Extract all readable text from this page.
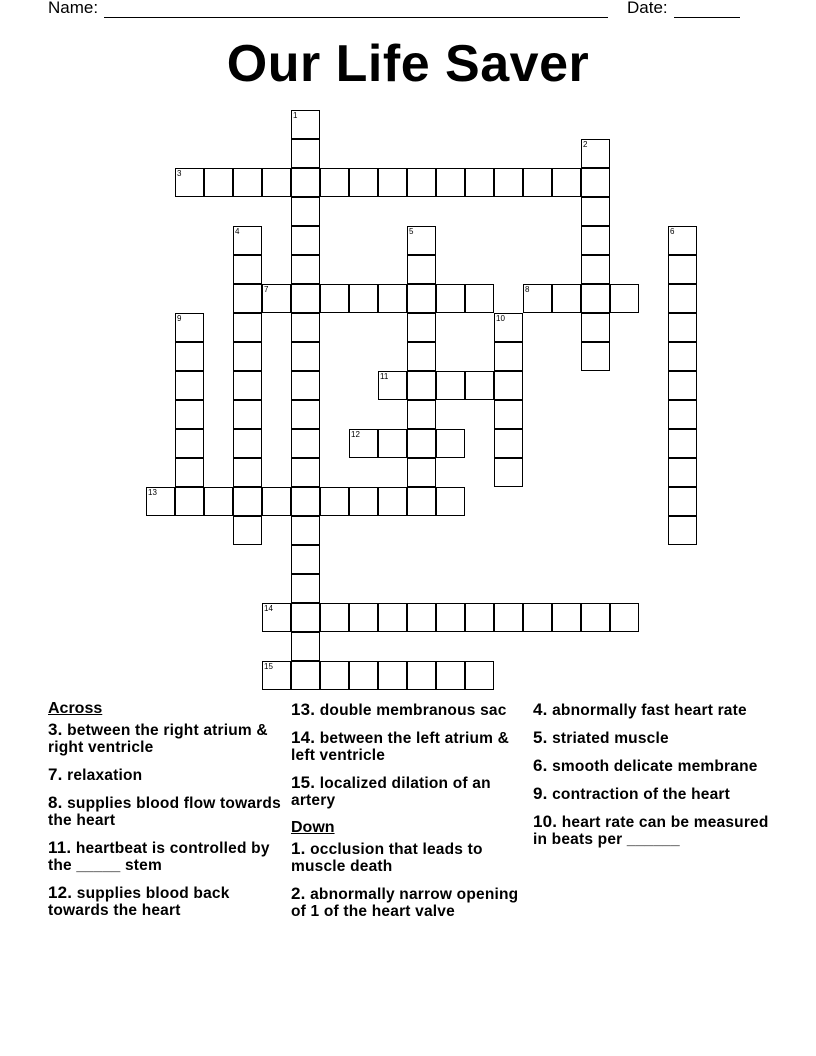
Name:	Date:
Our Life Saver
1
2
3
4	5	6
7	8
9	10
11
12
13
14
15
Across
3. between the right atrium & right ventricle
7. relaxation
8. supplies blood flow towards the heart
11. heartbeat is controlled by the _____ stem
12. supplies blood back towards the heart
13. double membranous sac
14. between the left atrium & left ventricle
15. localized dilation of an artery
Down
1. occlusion that leads to muscle death
2. abnormally narrow opening of 1 of the heart valve
4. abnormally fast heart rate
5. striated muscle
6. smooth delicate membrane
9. contraction of the heart
10. heart rate can be measured in beats per ______
